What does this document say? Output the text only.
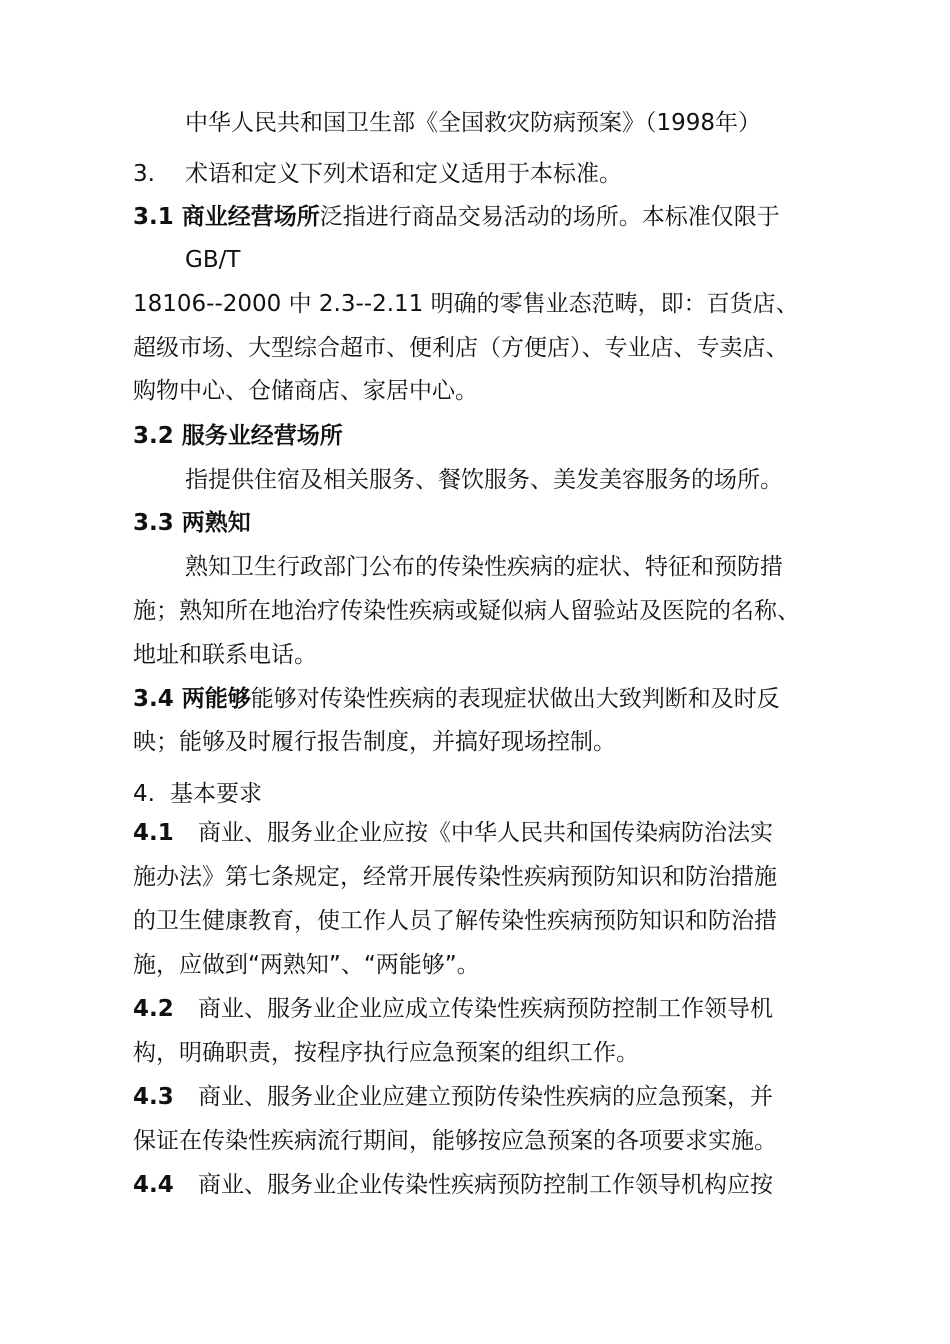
中华人民共和国卫生部《全国救灾防病预案》（1998年）
3. 术语和定义下列术语和定义适用于本标准。
3.1 商业经营场所泛指进行商品交易活动的场所。本标准仅限于
GB/T
18106--2000 中 2.3--2.11 明确的零售业态范畴，即：百货店、
超级市场、大型综合超市、便利店（方便店）、专业店、专卖店、
购物中心、仓储商店、家居中心。
3.2 服务业经营场所
指提供住宿及相关服务、餐饮服务、美发美容服务的场所。
3.3 两熟知
熟知卫生行政部门公布的传染性疾病的症状、特征和预防措
施；熟知所在地治疗传染性疾病或疑似病人留验站及医院的名称、
地址和联系电话。
3.4 两能够能够对传染性疾病的表现症状做出大致判断和及时反
映；能够及时履行报告制度，并搞好现场控制。
4. 基本要求
4.1 商业、服务业企业应按《中华人民共和国传染病防治法实
施办法》第七条规定，经常开展传染性疾病预防知识和防治措施
的卫生健康教育，使工作人员了解传染性疾病预防知识和防治措
施，应做到“两熟知”、“两能够”。
4.2 商业、服务业企业应成立传染性疾病预防控制工作领导机
构，明确职责，按程序执行应急预案的组织工作。
4.3 商业、服务业企业应建立预防传染性疾病的应急预案，并
保证在传染性疾病流行期间，能够按应急预案的各项要求实施。
4.4 商业、服务业企业传染性疾病预防控制工作领导机构应按
